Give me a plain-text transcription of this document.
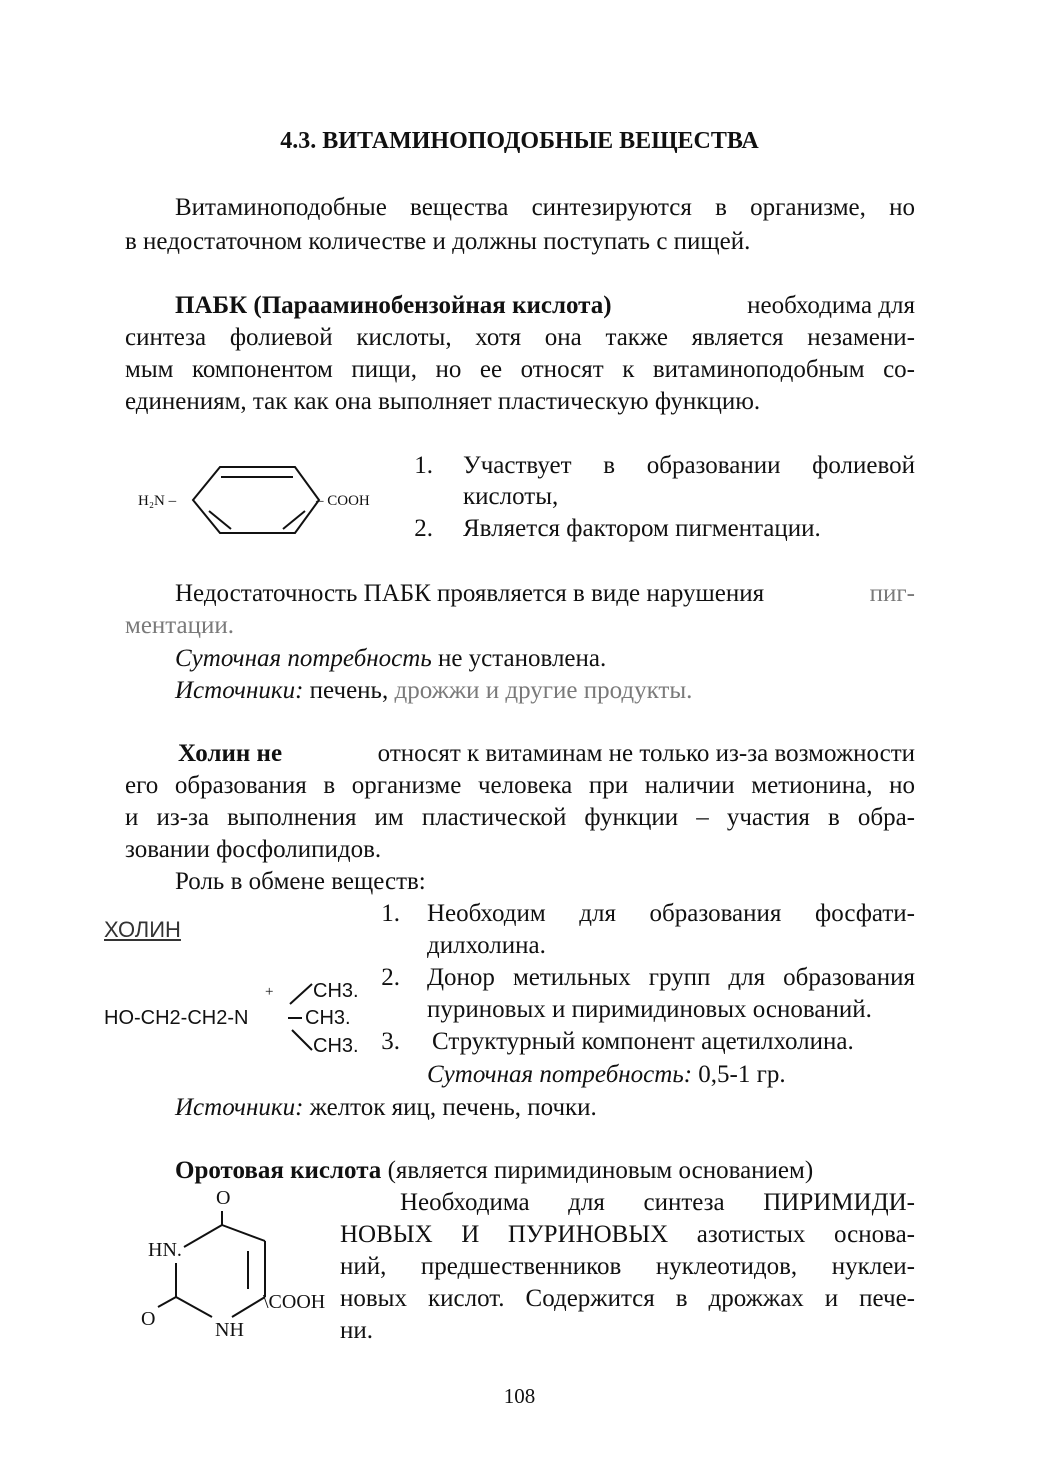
4.3. ВИТАМИНОПОДОБНЫЕ ВЕЩЕСТВА
Витаминоподобные вещества синтезируются в организме, но
в недостаточном количестве и должны поступать с пищей.
ПАБК (Парааминобензойная кислота)	необходима для
синтеза фолиевой кислоты, хотя она также является незамени-
мым компонентом пищи, но ее относят к витаминоподобным со-
единениям, так как она выполняет пластическую функцию.
H₂N –	– COOH
1. Участвует в образовании фолиевой
кислоты,
2. Является фактором пигментации.
Недостаточность ПАБК проявляется в виде нарушения	пиг-
ментации.
Суточная потребность не установлена.
Источники: печень, дрожжи и другие продукты.
Холин не	относят к витаминам не только из-за возможности
его образования в организме человека при наличии метионина, но
и из-за выполнения им пластической функции – участия в обра-
зовании фосфолипидов.
Роль в обмене веществ:
ХОЛИН
HO-CH2-CH2-N
+ CH3.
CH3.
CH3.
1. Необходим для образования фосфати-
дилхолина.
2. Донор метильных групп для образования
пуриновых и пиримидиновых оснований.
3. Структурный компонент ацетилхолина.
Суточная потребность: 0,5-1 гр.
Источники: желток яиц, печень, почки.
Оротовая кислота (является пиримидиновым основанием)
Необходима для синтеза ПИРИМИДИ-
НОВЫХ И ПУРИНОВЫХ азотистых основа-
ний, предшественников нуклеотидов, нуклеи-
новых кислот. Содержится в дрожжах и пече-
ни.
O
HN.
O	NH
\COOH
108
